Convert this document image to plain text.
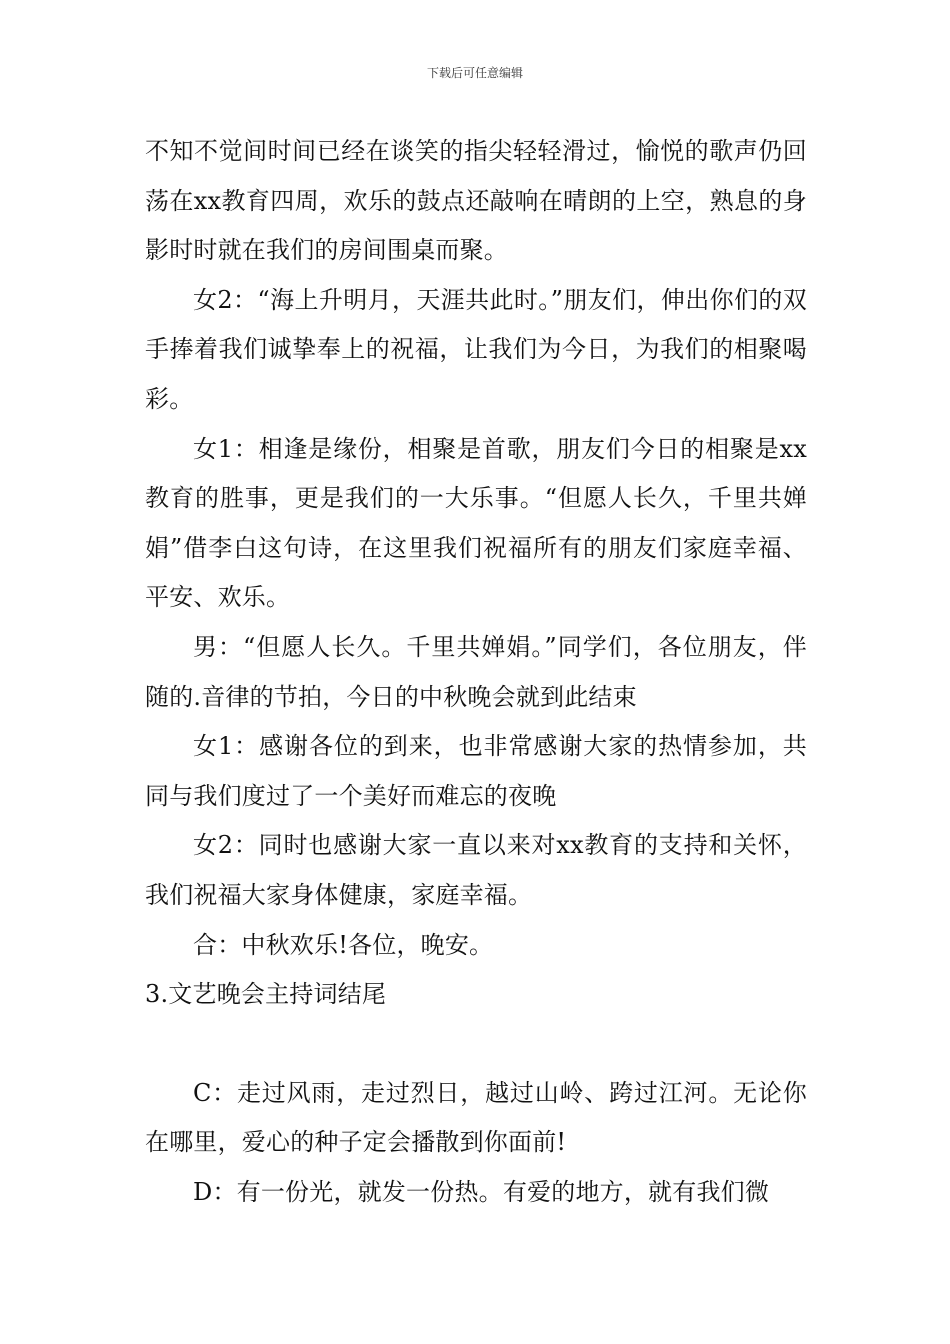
下载后可任意编辑

不知不觉间时间已经在谈笑的指尖轻轻滑过，愉悦的歌声仍回荡在xx教育四周，欢乐的鼓点还敲响在晴朗的上空，熟息的身影时时就在我们的房间围桌而聚。

女2：“海上升明月，天涯共此时。”朋友们，伸出你们的双手捧着我们诚挚奉上的祝福，让我们为今日，为我们的相聚喝彩。

女1：相逢是缘份，相聚是首歌，朋友们今日的相聚是xx教育的胜事，更是我们的一大乐事。“但愿人长久，千里共婵娟”借李白这句诗，在这里我们祝福所有的朋友们家庭幸福、平安、欢乐。

男：“但愿人长久。千里共婵娟。”同学们，各位朋友，伴随的.音律的节拍，今日的中秋晚会就到此结束

女1：感谢各位的到来，也非常感谢大家的热情参加，共同与我们度过了一个美好而难忘的夜晚

女2：同时也感谢大家一直以来对xx教育的支持和关怀，我们祝福大家身体健康，家庭幸福。

合：中秋欢乐!各位，晚安。

3.文艺晚会主持词结尾

C：走过风雨，走过烈日，越过山岭、跨过江河。无论你在哪里，爱心的种子定会播散到你面前!

D：有一份光，就发一份热。有爱的地方，就有我们微
